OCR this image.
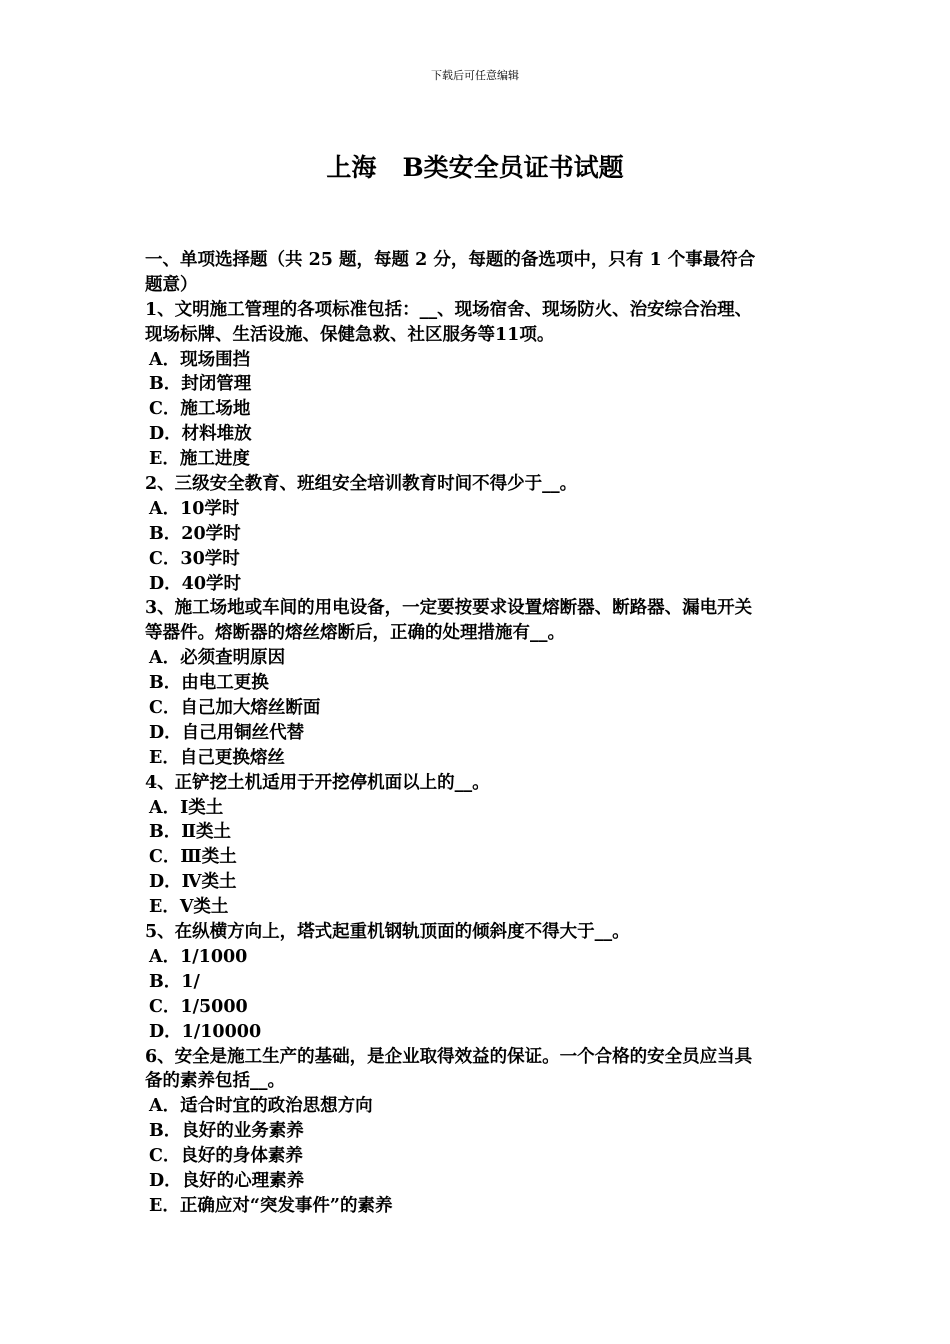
下载后可任意编辑
上海   B类安全员证书试题
一、单项选择题（共 25 题，每题 2 分，每题的备选项中，只有 1 个事最符合
题意）
1、文明施工管理的各项标准包括：__、现场宿舍、现场防火、治安综合治理、
现场标牌、生活设施、保健急救、社区服务等11项。
A．现场围挡
B．封闭管理
C．施工场地
D．材料堆放
E．施工进度
2、三级安全教育、班组安全培训教育时间不得少于__。
A．10学时
B．20学时
C．30学时
D．40学时
3、施工场地或车间的用电设备，一定要按要求设置熔断器、断路器、漏电开关
等器件。熔断器的熔丝熔断后，正确的处理措施有__。
A．必须查明原因
B．由电工更换
C．自己加大熔丝断面
D．自己用铜丝代替
E．自己更换熔丝
4、正铲挖土机适用于开挖停机面以上的__。
A．Ⅰ类土
B．Ⅱ类土
C．Ⅲ类土
D．Ⅳ类土
E．Ⅴ类土
5、在纵横方向上，塔式起重机钢轨顶面的倾斜度不得大于__。
A．1/1000
B．1/
C．1/5000
D．1/10000
6、安全是施工生产的基础，是企业取得效益的保证。一个合格的安全员应当具
备的素养包括__。
A．适合时宜的政治思想方向
B．良好的业务素养
C．良好的身体素养
D．良好的心理素养
E．正确应对“突发事件”的素养
